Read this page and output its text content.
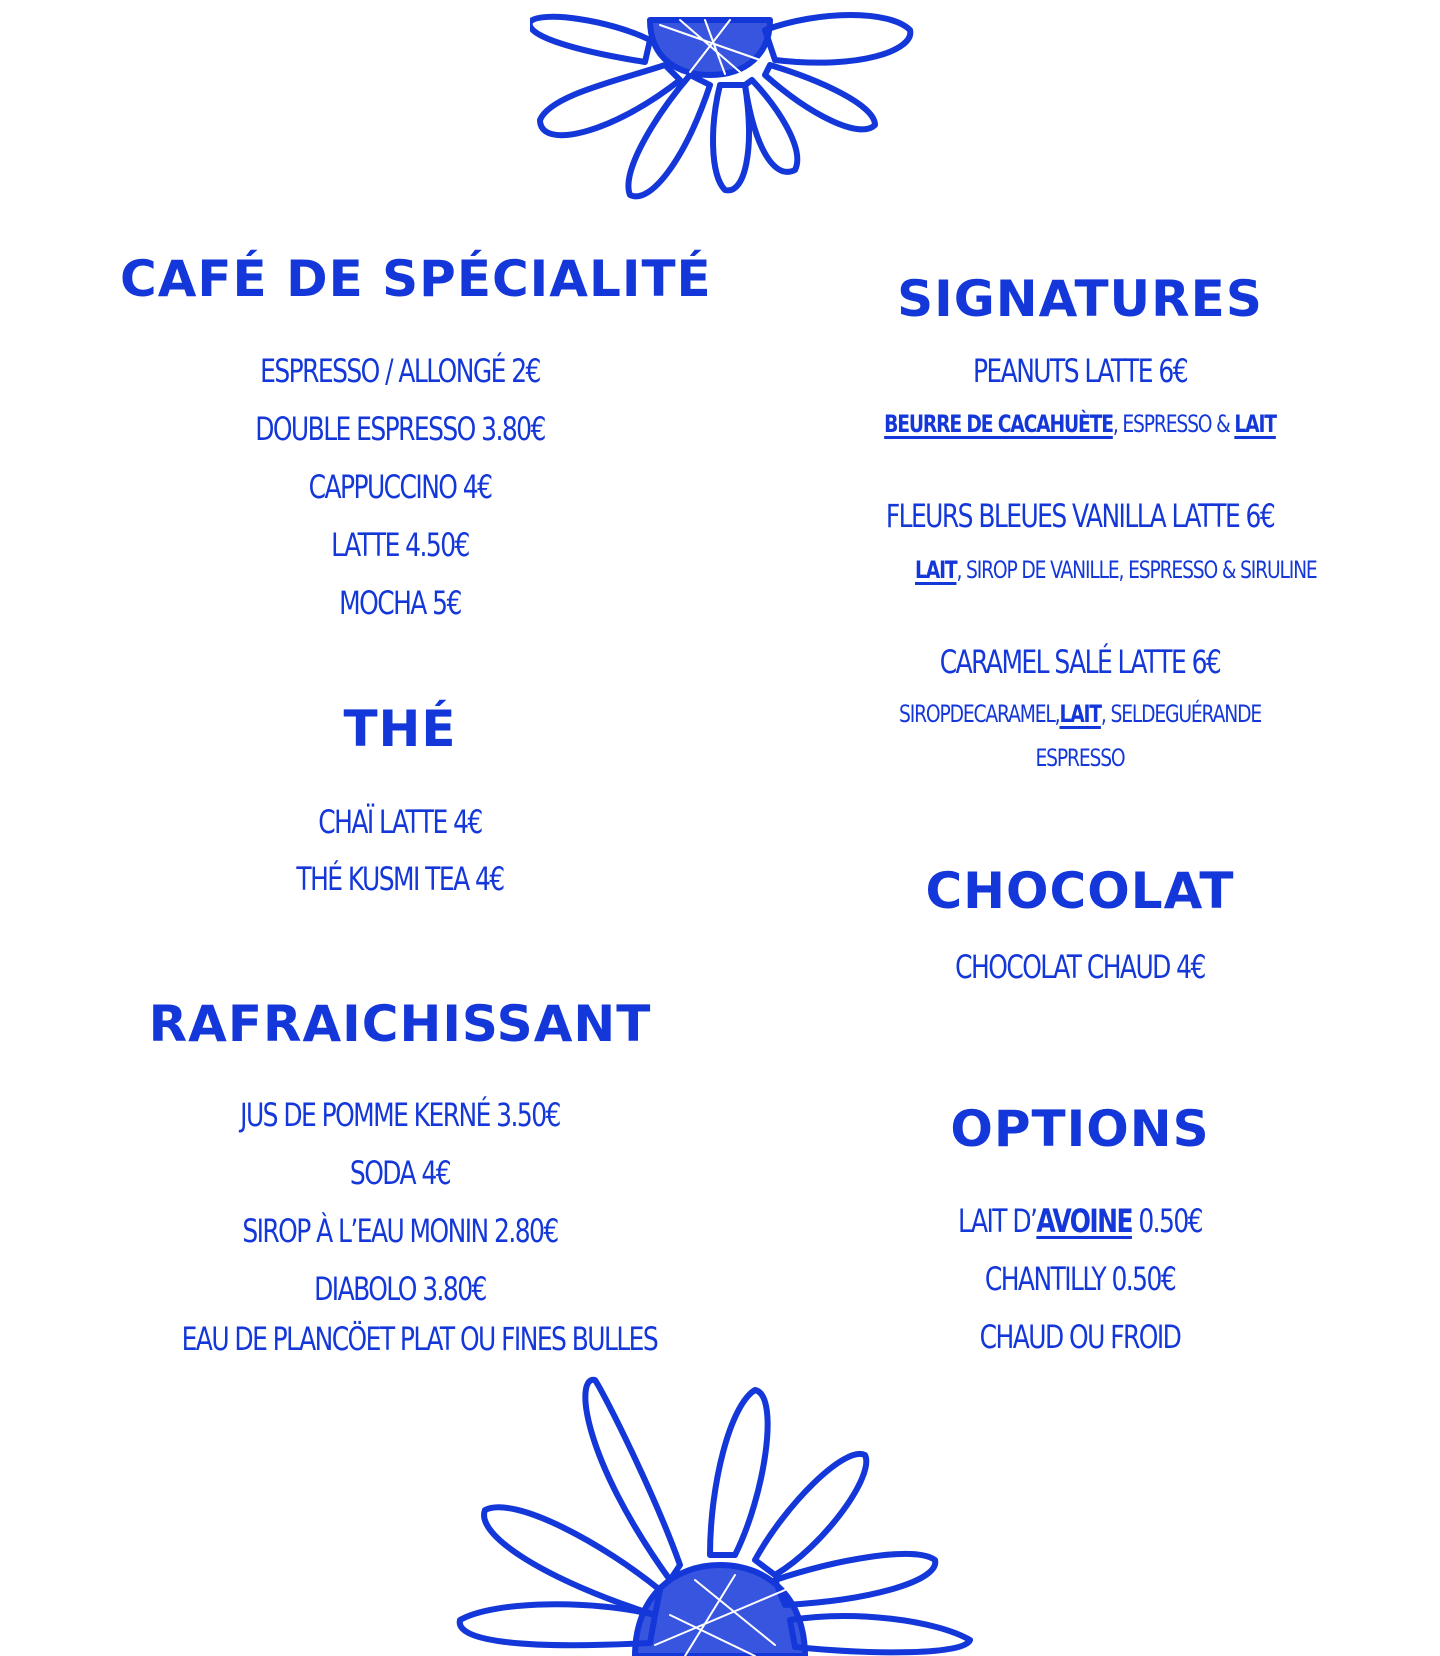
CAFÉ DE SPÉCIALITÉ
ESPRESSO / ALLONGÉ 2€
DOUBLE ESPRESSO 3.80€
CAPPUCCINO 4€
LATTE 4.50€
MOCHA 5€
THÉ
CHAÏ LATTE 4€
THÉ KUSMI TEA 4€
RAFRAICHISSANT
JUS DE POMME KERNÉ 3.50€
SODA 4€
SIROP À L’EAU MONIN 2.80€
DIABOLO 3.80€
EAU DE PLANCÖET PLAT OU FINES BULLES
SIGNATURES
PEANUTS LATTE 6€
BEURRE DE CACAHUÈTE, ESPRESSO & LAIT
FLEURS BLEUES VANILLA LATTE 6€
LAIT, SIROP DE VANILLE, ESPRESSO & SIRULINE
CARAMEL SALÉ LATTE 6€
SIROPDECARAMEL,LAIT, SELDEGUÉRANDE
ESPRESSO
CHOCOLAT
CHOCOLAT CHAUD 4€
OPTIONS
LAIT D’AVOINE 0.50€
CHANTILLY 0.50€
CHAUD OU FROID
